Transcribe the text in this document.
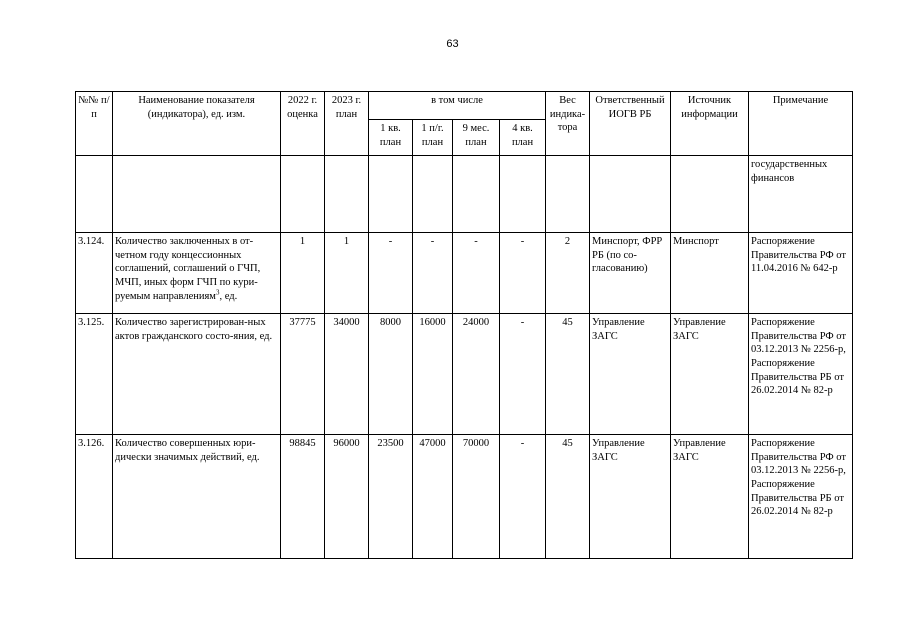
63
№№ п/п	Наименование показателя (индикатора), ед. изм.	2022 г. оценка	2023 г. план	в том числе				Вес индика-тора	Ответственный ИОГВ РБ	Источник информации	Примечание
				1 кв. план	1 п/г. план	9 мес. план	4 кв. план				
											государственных финансов
3.124.	Количество заключенных в от-четном году концессионных соглашений, соглашений о ГЧП, МЧП, иных форм ГЧП по кури-руемым направлениям$^3$, ед.	1	1	-	-	-	-	2	Минспорт, ФРР РБ (по со-гласованию)	Минспорт	Распоряжение Правительства РФ от 11.04.2016 № 642-р
3.125.	Количество зарегистрирован-ных актов гражданского состо-яния, ед.	37775	34000	8000	16000	24000	-	45	Управление ЗАГС	Управление ЗАГС	Распоряжение Правительства РФ от 03.12.2013 № 2256-р, Распоряжение Правительства РБ от 26.02.2014 № 82-р
3.126.	Количество совершенных юри-дически значимых действий, ед.	98845	96000	23500	47000	70000	-	45	Управление ЗАГС	Управление ЗАГС	Распоряжение Правительства РФ от 03.12.2013 № 2256-р, Распоряжение Правительства РБ от 26.02.2014 № 82-р
